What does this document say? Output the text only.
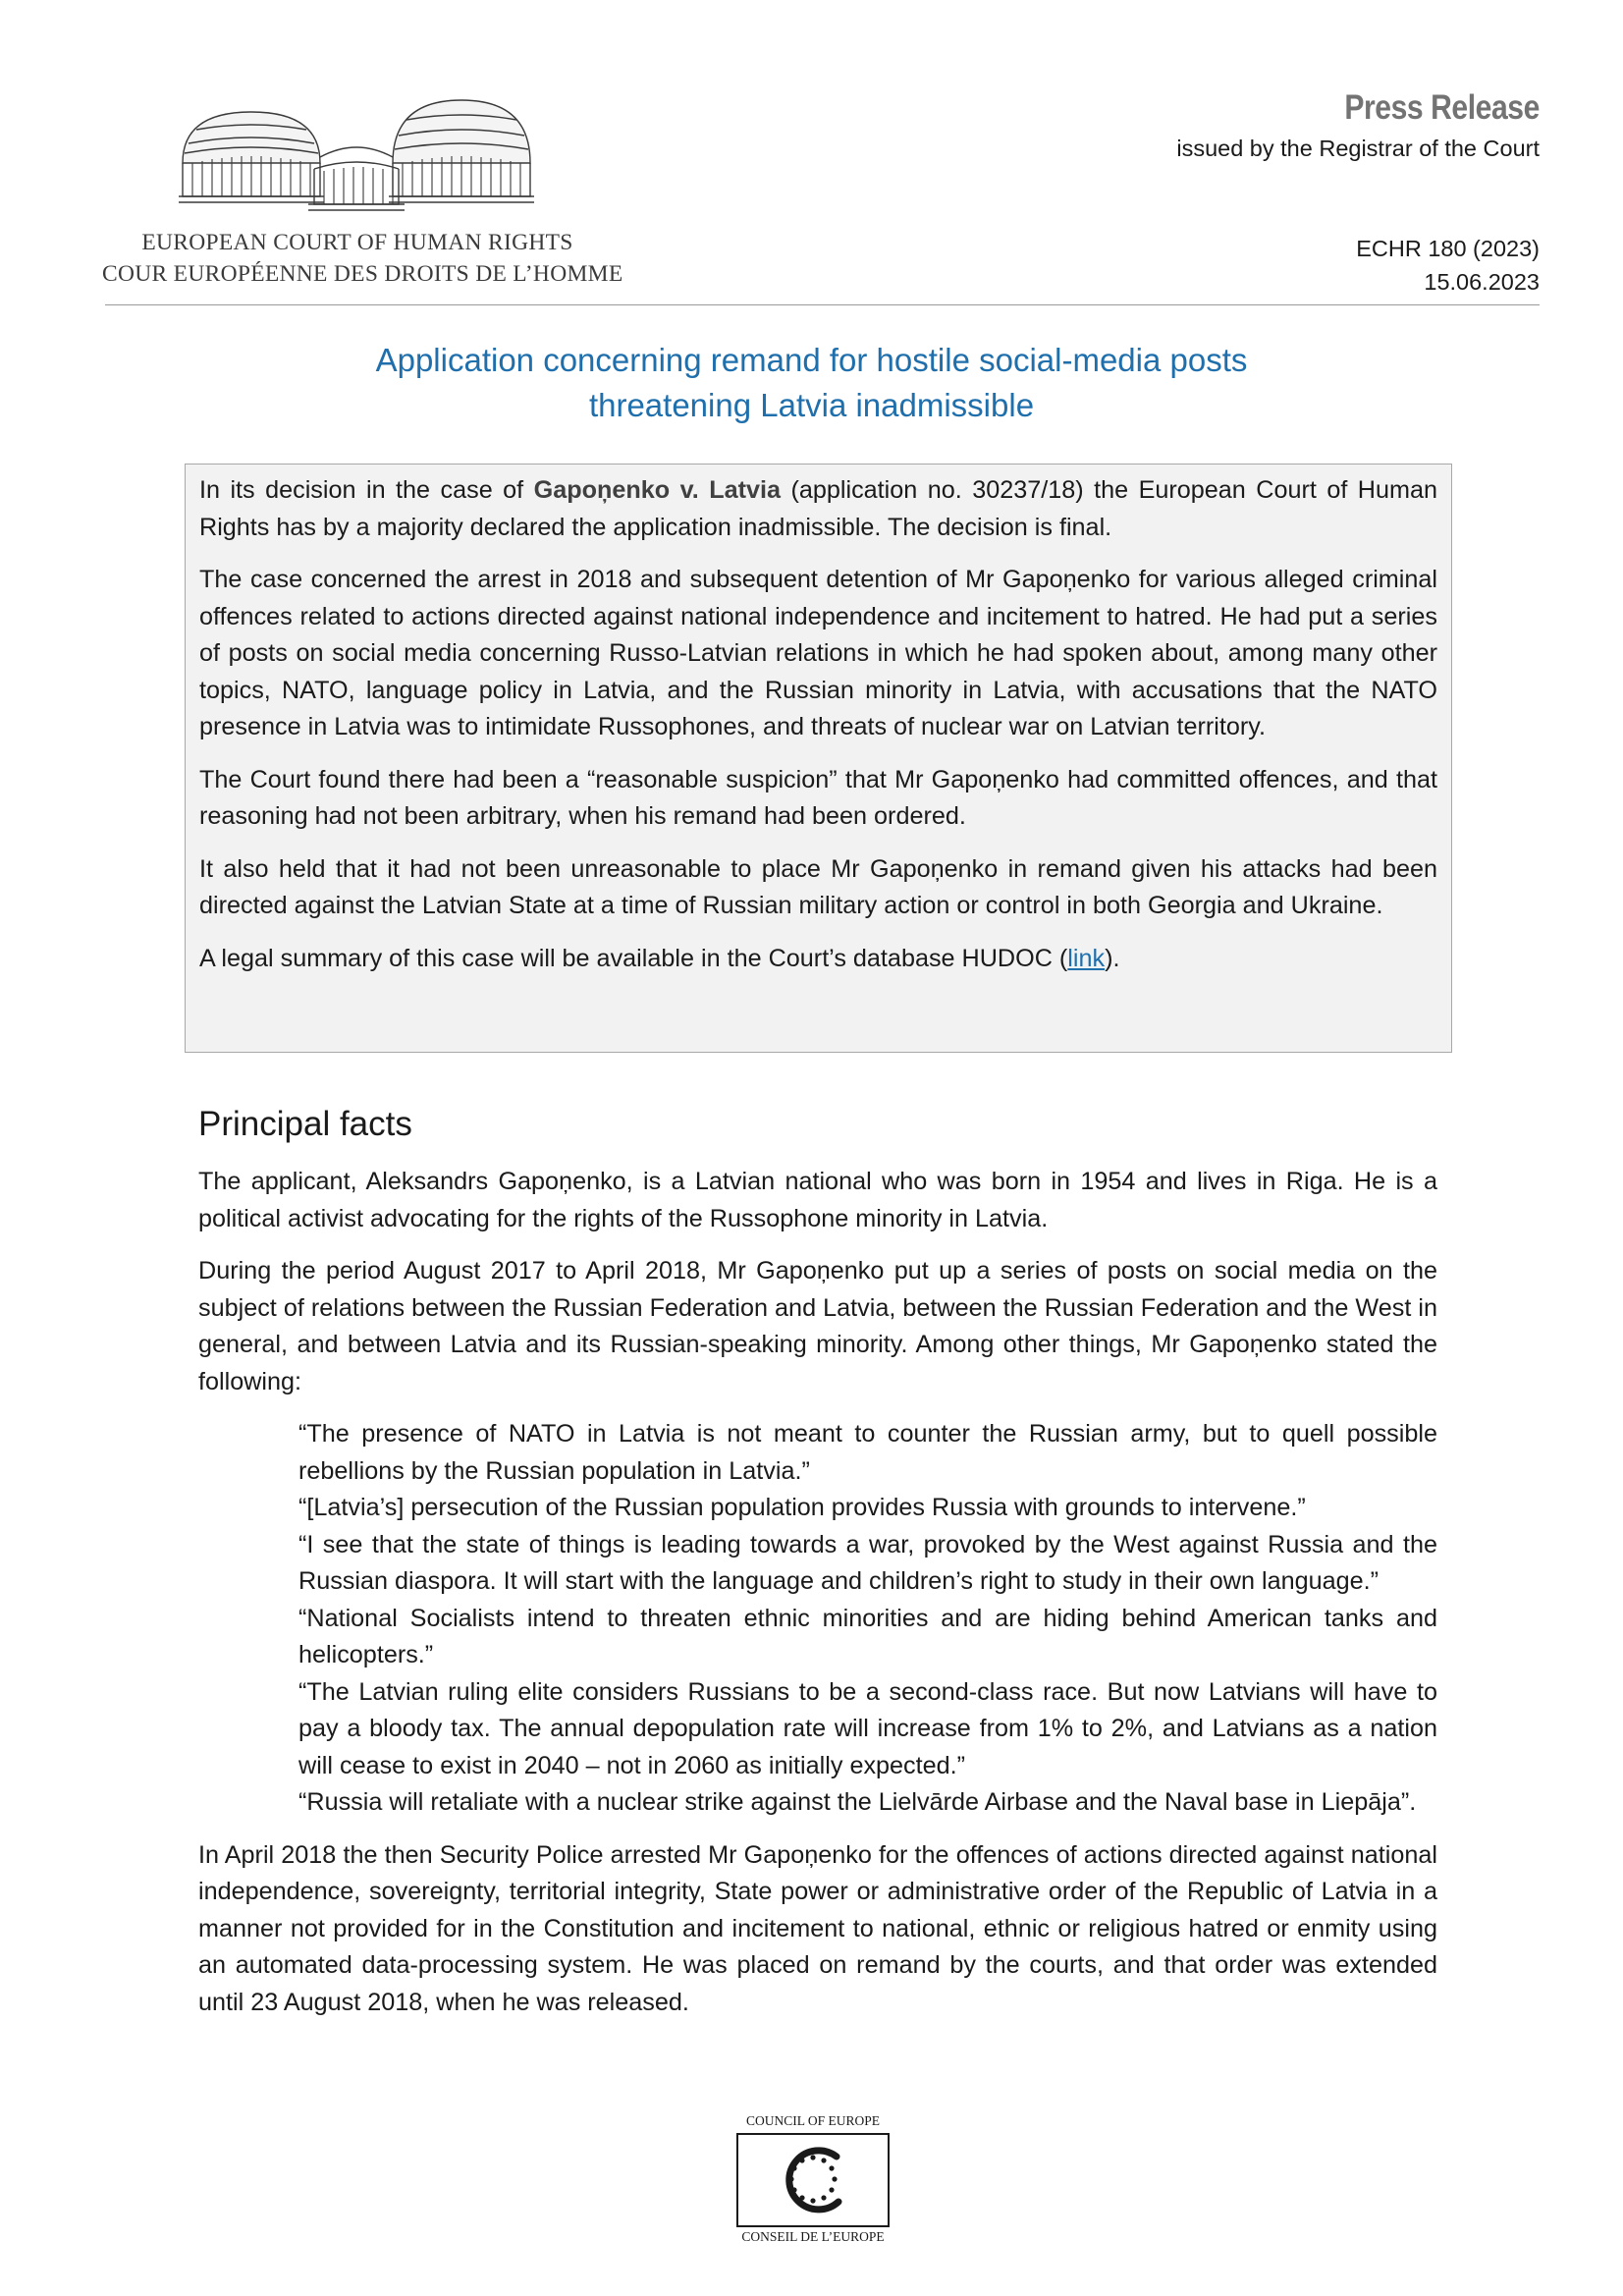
EUROPEAN COURT OF HUMAN RIGHTS
COUR EUROPÉENNE DES DROITS DE L’HOMME
Press Release
issued by the Registrar of the Court
ECHR 180 (2023)
15.06.2023
Application concerning remand for hostile social-media posts
threatening Latvia inadmissible

In its decision in the case of Gapoņenko v. Latvia (application no. 30237/18) the European Court of Human Rights has by a majority declared the application inadmissible. The decision is final.

The case concerned the arrest in 2018 and subsequent detention of Mr Gapoņenko for various alleged criminal offences related to actions directed against national independence and incitement to hatred. He had put a series of posts on social media concerning Russo-Latvian relations in which he had spoken about, among many other topics, NATO, language policy in Latvia, and the Russian minority in Latvia, with accusations that the NATO presence in Latvia was to intimidate Russophones, and threats of nuclear war on Latvian territory.

The Court found there had been a “reasonable suspicion” that Mr Gapoņenko had committed offences, and that reasoning had not been arbitrary, when his remand had been ordered.

It also held that it had not been unreasonable to place Mr Gapoņenko in remand given his attacks had been directed against the Latvian State at a time of Russian military action or control in both Georgia and Ukraine.

A legal summary of this case will be available in the Court’s database HUDOC (link).

Principal facts

The applicant, Aleksandrs Gapoņenko, is a Latvian national who was born in 1954 and lives in Riga. He is a political activist advocating for the rights of the Russophone minority in Latvia.

During the period August 2017 to April 2018, Mr Gapoņenko put up a series of posts on social media on the subject of relations between the Russian Federation and Latvia, between the Russian Federation and the West in general, and between Latvia and its Russian-speaking minority. Among other things, Mr Gapoņenko stated the following:

“The presence of NATO in Latvia is not meant to counter the Russian army, but to quell possible rebellions by the Russian population in Latvia.”

“[Latvia’s] persecution of the Russian population provides Russia with grounds to intervene.”

“I see that the state of things is leading towards a war, provoked by the West against Russia and the Russian diaspora. It will start with the language and children’s right to study in their own language.”

“National Socialists intend to threaten ethnic minorities and are hiding behind American tanks and helicopters.”

“The Latvian ruling elite considers Russians to be a second-class race. But now Latvians will have to pay a bloody tax. The annual depopulation rate will increase from 1% to 2%, and Latvians as a nation will cease to exist in 2040 – not in 2060 as initially expected.”

“Russia will retaliate with a nuclear strike against the Lielvārde Airbase and the Naval base in Liepāja”.

In April 2018 the then Security Police arrested Mr Gapoņenko for the offences of actions directed against national independence, sovereignty, territorial integrity, State power or administrative order of the Republic of Latvia in a manner not provided for in the Constitution and incitement to national, ethnic or religious hatred or enmity using an automated data-processing system. He was placed on remand by the courts, and that order was extended until 23 August 2018, when he was released.

COUNCIL OF EUROPE
CONSEIL DE L’EUROPE
